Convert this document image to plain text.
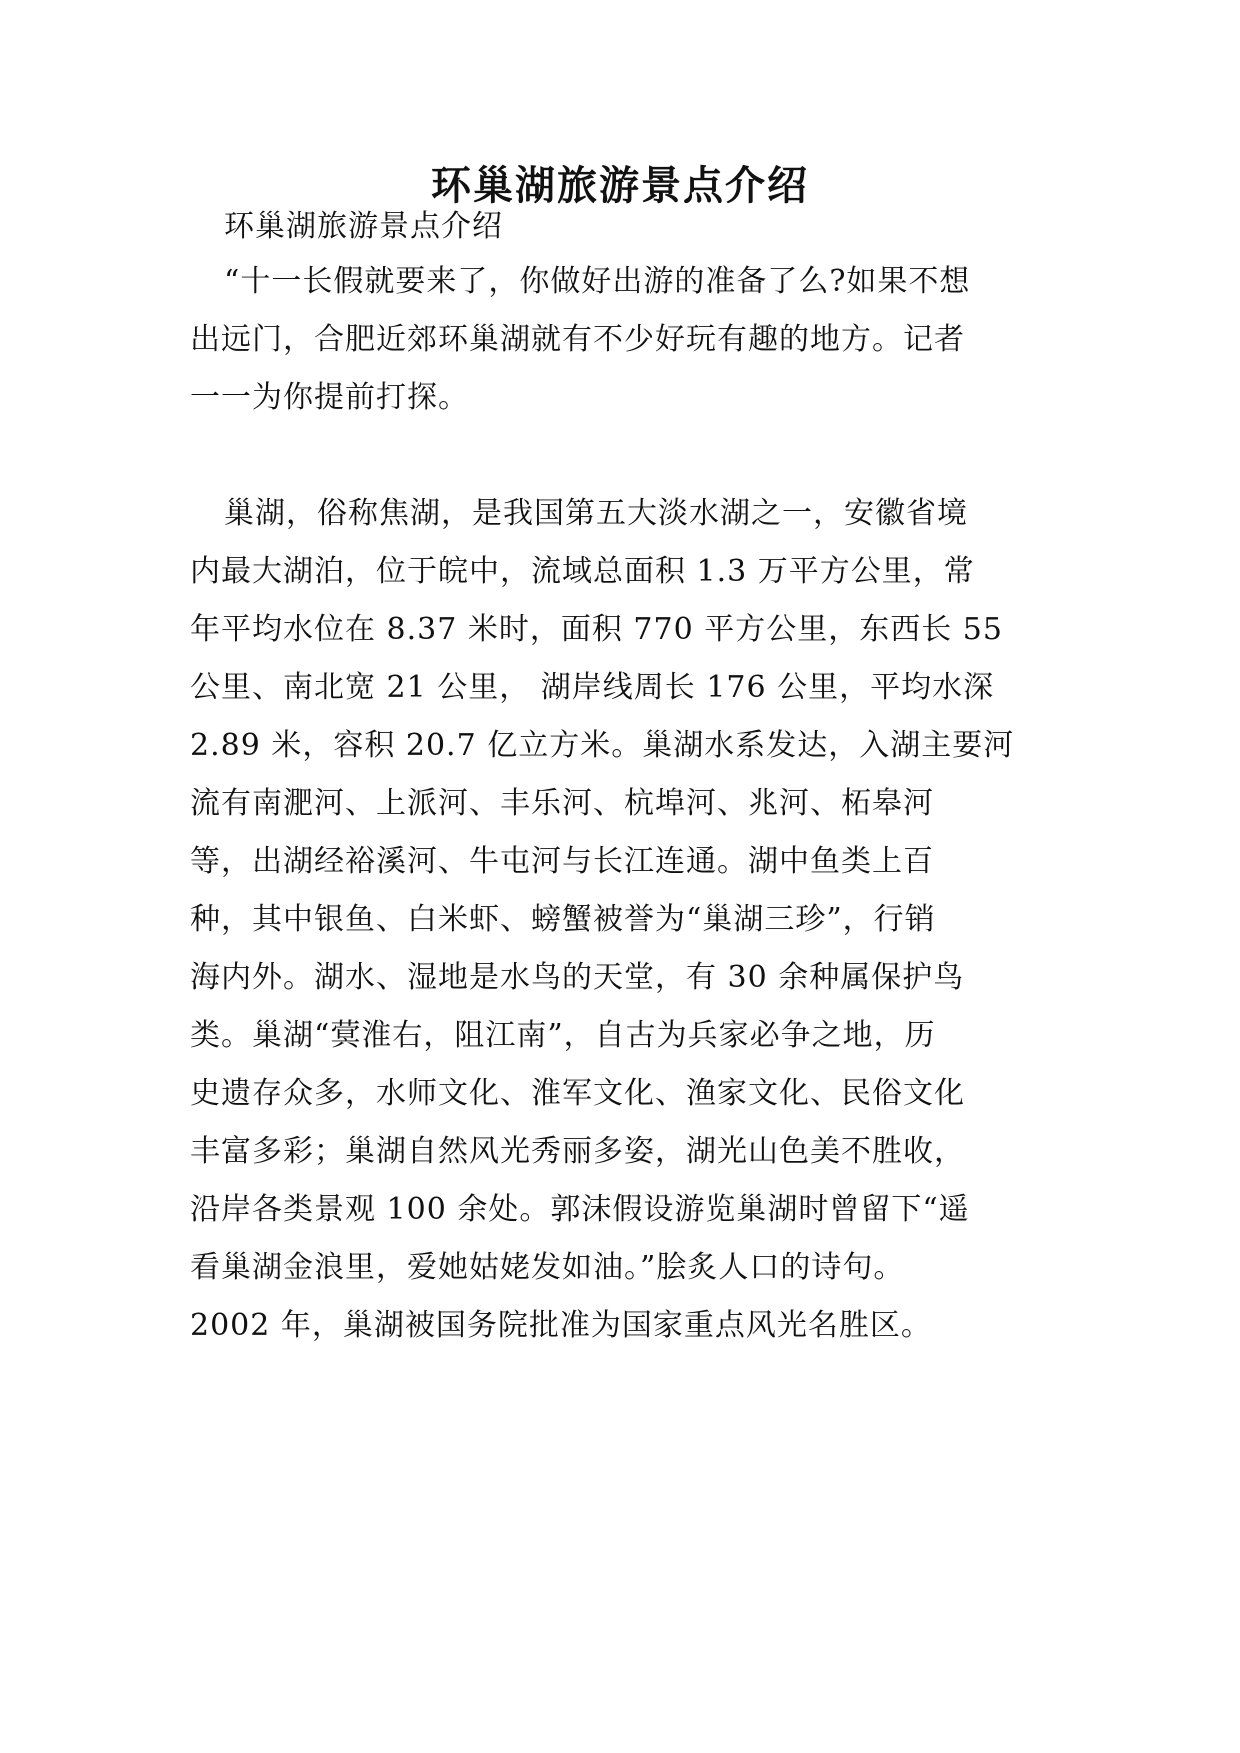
环巢湖旅游景点介绍
环巢湖旅游景点介绍
“十一长假就要来了，你做好出游的准备了么?如果不想
出远门，合肥近郊环巢湖就有不少好玩有趣的地方。记者
一一为你提前打探。
巢湖，俗称焦湖，是我国第五大淡水湖之一，安徽省境
内最大湖泊，位于皖中，流域总面积 1.3 万平方公里，常
年平均水位在 8.37 米时，面积 770 平方公里，东西长 55
公里、南北宽 21 公里， 湖岸线周长 176 公里，平均水深
2.89 米，容积 20.7 亿立方米。巢湖水系发达，入湖主要河
流有南淝河、上派河、丰乐河、杭埠河、兆河、柘皋河
等，出湖经裕溪河、牛屯河与长江连通。湖中鱼类上百
种，其中银鱼、白米虾、螃蟹被誉为“巢湖三珍”，行销
海内外。湖水、湿地是水鸟的天堂，有 30 余种属保护鸟
类。巢湖“蓂淮右，阻江南”，自古为兵家必争之地，历
史遗存众多，水师文化、淮军文化、渔家文化、民俗文化
丰富多彩；巢湖自然风光秀丽多姿，湖光山色美不胜收，
沿岸各类景观 100 余处。郭沫假设游览巢湖时曾留下“遥
看巢湖金浪里，爱她姑姥发如油。”脍炙人口的诗句。
2002 年，巢湖被国务院批准为国家重点风光名胜区。
